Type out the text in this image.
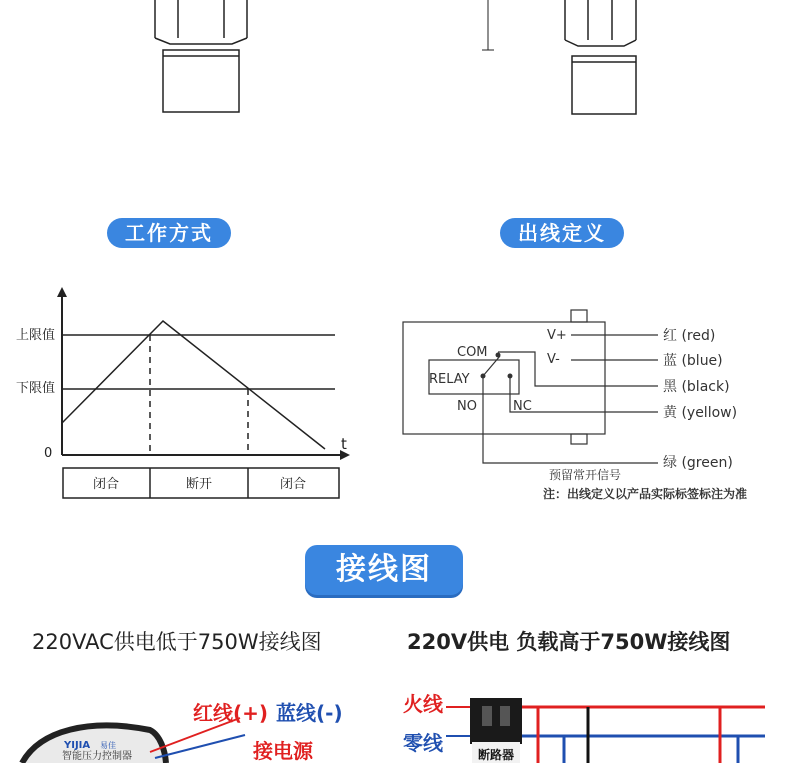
工作方式	出线定义
上限值
下限值
0
t
闭合	断开	闭合
V+
V-
COM
RELAY
NO	NC
红 (red)
蓝 (blue)
黑 (black)
黄 (yellow)
绿 (green)
预留常开信号
注：出线定义以产品实际标签标注为准
接线图
220VAC供电低于750W接线图	220V供电 负载高于750W接线图
YIJIA 易佳
智能压力控制器
红线(+) 蓝线(-)
接电源	断路器
火线
零线
